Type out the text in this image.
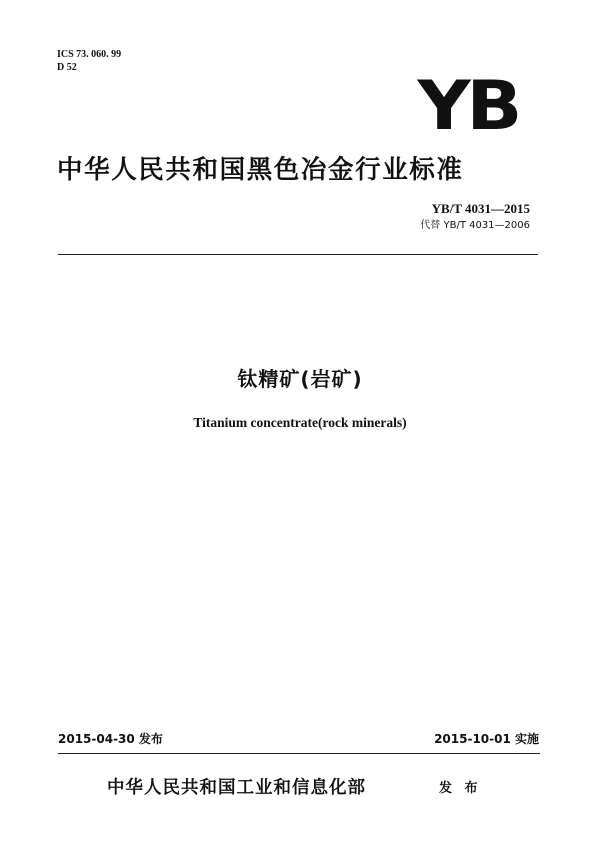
ICS 73. 060. 99
D 52	YB
中华人民共和国黑色冶金行业标准
YB/T 4031—2015
代替 YB/T 4031—2006
钛精矿(岩矿)
Titanium concentrate(rock minerals)
2015-04-30 发布	2015-10-01 实施
中华人民共和国工业和信息化部	发 布
